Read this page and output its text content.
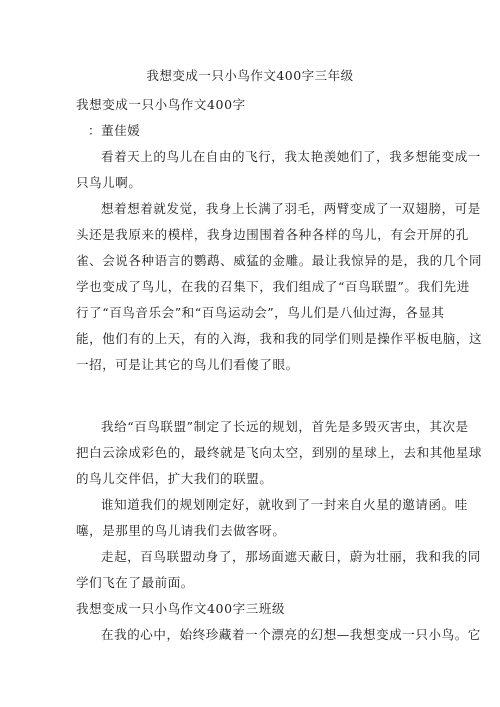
我想变成一只小鸟作文400字三年级
我想变成一只小鸟作文400字
：董佳媛
看着天上的鸟儿在自由的飞行，我太艳羡她们了，我多想能变成一
只鸟儿啊。
想着想着就发觉，我身上长满了羽毛，两臂变成了一双翅膀，可是
头还是我原来的模样，我身边围围着各种各样的鸟儿，有会开屏的孔
雀、会说各种语言的鹦鹉、威猛的金雕。最让我惊异的是，我的几个同
学也变成了鸟儿，在我的召集下，我们组成了“百鸟联盟”。我们先进
行了“百鸟音乐会”和“百鸟运动会”，鸟儿们是八仙过海，各显其
能，他们有的上天，有的入海，我和我的同学们则是操作平板电脑，这
一招，可是让其它的鸟儿们看傻了眼。
我给“百鸟联盟”制定了长远的规划，首先是多毁灭害虫，其次是
把白云涂成彩色的，最终就是飞向太空，到别的星球上，去和其他星球
的鸟儿交伴侣，扩大我们的联盟。
谁知道我们的规划刚定好，就收到了一封来自火星的邀请函。哇
噻，是那里的鸟儿请我们去做客呀。
走起，百鸟联盟动身了，那场面遮天蔽日，蔚为壮丽，我和我的同
学们飞在了最前面。
我想变成一只小鸟作文400字三班级
在我的心中，始终珍藏着一个漂亮的幻想—我想变成一只小鸟。它
